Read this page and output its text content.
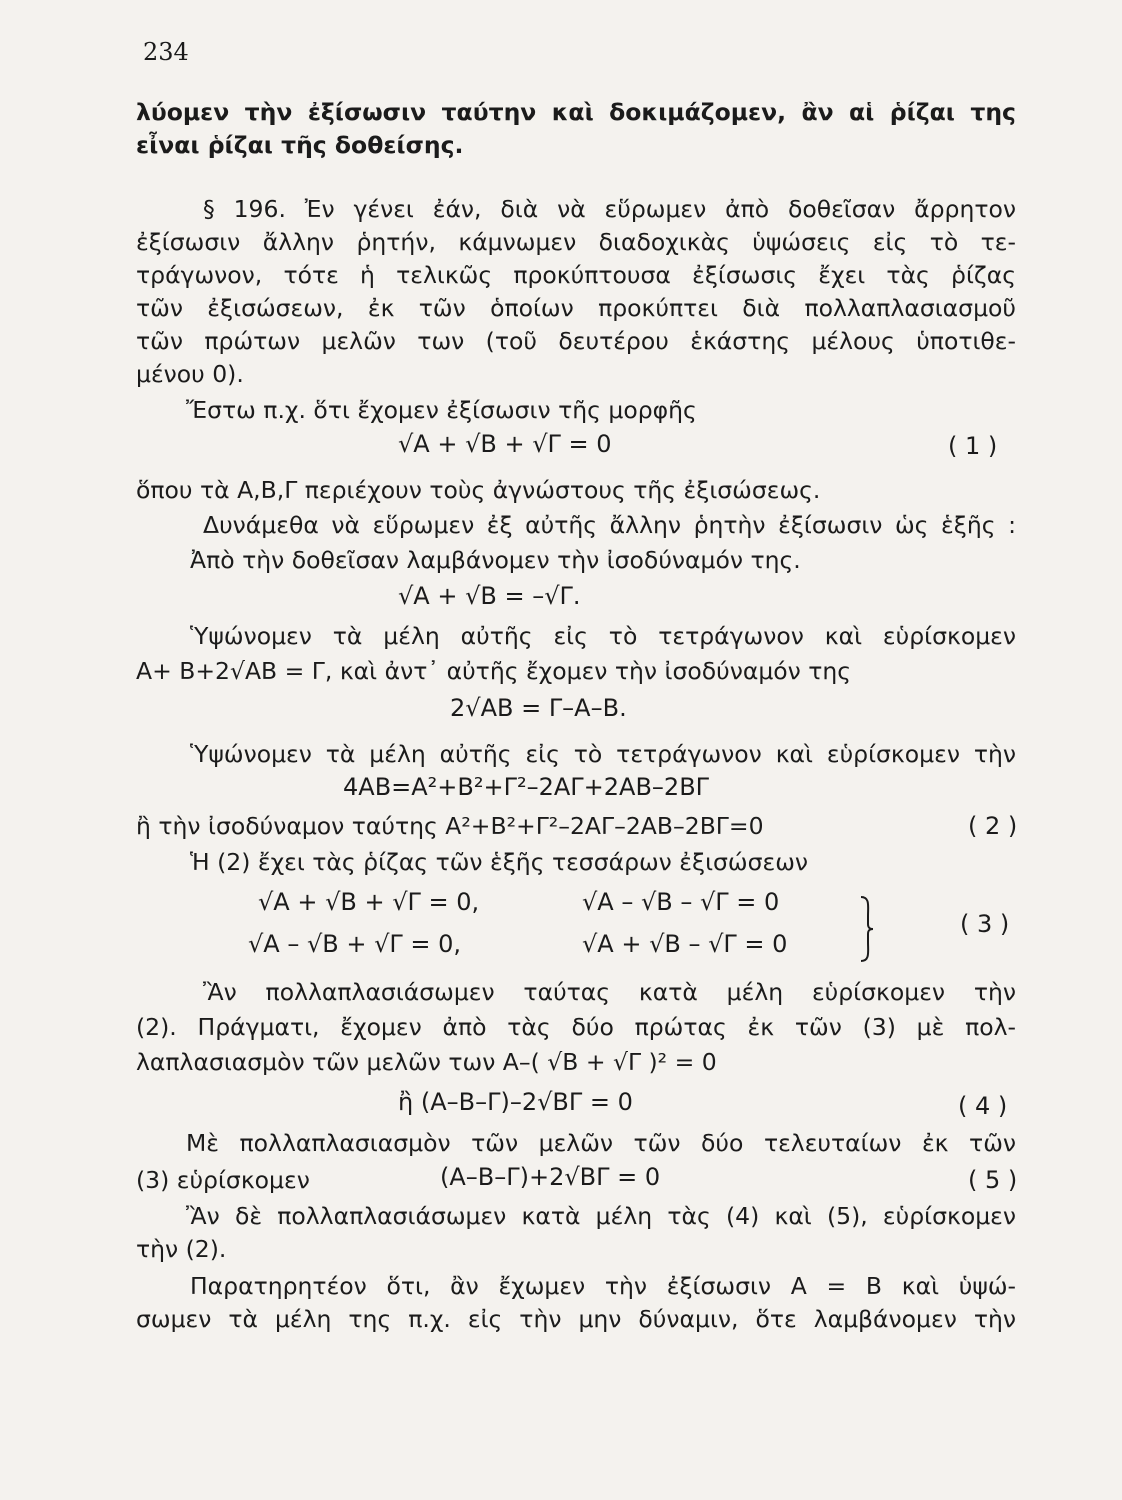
234
λύομεν τὴν ἐξίσωσιν ταύτην καὶ δοκιμάζομεν, ἂν αἱ ῥίζαι της
εἶναι ῥίζαι τῆς δοθείσης.
§ 196. Ἐν γένει ἐάν, διὰ νὰ εὕρωμεν ἀπὸ δοθεῖσαν ἄρρητον
ἐξίσωσιν ἄλλην ῥητήν, κάμνωμεν διαδοχικὰς ὑψώσεις εἰς τὸ τε-
τράγωνον, τότε ἡ τελικῶς προκύπτουσα ἐξίσωσις ἔχει τὰς ῥίζας
τῶν ἐξισώσεων, ἐκ τῶν ὁποίων προκύπτει διὰ πολλαπλασιασμοῦ
τῶν πρώτων μελῶν των (τοῦ δευτέρου ἑκάστης μέλους ὑποτιθε-
μένου 0).
Ἔστω π.χ. ὅτι ἔχομεν ἐξίσωσιν τῆς μορφῆς
√Α + √Β + √Γ = 0	( 1 )
ὅπου τὰ Α,Β,Γ περιέχουν τοὺς ἀγνώστους τῆς ἐξισώσεως.
Δυνάμεθα νὰ εὕρωμεν ἐξ αὐτῆς ἄλλην ῥητὴν ἐξίσωσιν ὡς ἑξῆς :
Ἀπὸ τὴν δοθεῖσαν λαμβάνομεν τὴν ἰσοδύναμόν της.
√Α + √Β = –√Γ.
Ὑψώνομεν τὰ μέλη αὐτῆς εἰς τὸ τετράγωνον καὶ εὑρίσκομεν
Α+ Β+2√ΑΒ = Γ, καὶ ἀντ᾽ αὐτῆς ἔχομεν τὴν ἰσοδύναμόν της
2√ΑΒ = Γ–Α–Β.
Ὑψώνομεν τὰ μέλη αὐτῆς εἰς τὸ τετράγωνον καὶ εὑρίσκομεν τὴν
4ΑΒ=Α²+Β²+Γ²–2ΑΓ+2ΑΒ–2ΒΓ
ἢ τὴν ἰσοδύναμον ταύτης Α²+Β²+Γ²–2ΑΓ–2ΑΒ–2ΒΓ=0	( 2 )
Ἡ (2) ἔχει τὰς ῥίζας τῶν ἑξῆς τεσσάρων ἐξισώσεων
√Α + √Β + √Γ = 0,	√Α – √Β – √Γ = 0
√Α – √Β + √Γ = 0,	√Α + √Β – √Γ = 0
( 3 )
Ἂν πολλαπλασιάσωμεν ταύτας κατὰ μέλη εὑρίσκομεν τὴν
(2). Πράγματι, ἔχομεν ἀπὸ τὰς δύο πρώτας ἐκ τῶν (3) μὲ πολ-
λαπλασιασμὸν τῶν μελῶν των Α–( √Β + √Γ )² = 0
ἢ (Α–Β–Γ)–2√ΒΓ = 0	( 4 )
Μὲ πολλαπλασιασμὸν τῶν μελῶν τῶν δύο τελευταίων ἐκ τῶν
(3) εὑρίσκομεν	(Α–Β–Γ)+2√ΒΓ = 0	( 5 )
Ἂν δὲ πολλαπλασιάσωμεν κατὰ μέλη τὰς (4) καὶ (5), εὑρίσκομεν
τὴν (2).
Παρατηρητέον ὅτι, ἂν ἔχωμεν τὴν ἐξίσωσιν Α = Β καὶ ὑψώ-
σωμεν τὰ μέλη της π.χ. εἰς τὴν μην δύναμιν, ὅτε λαμβάνομεν τὴν
